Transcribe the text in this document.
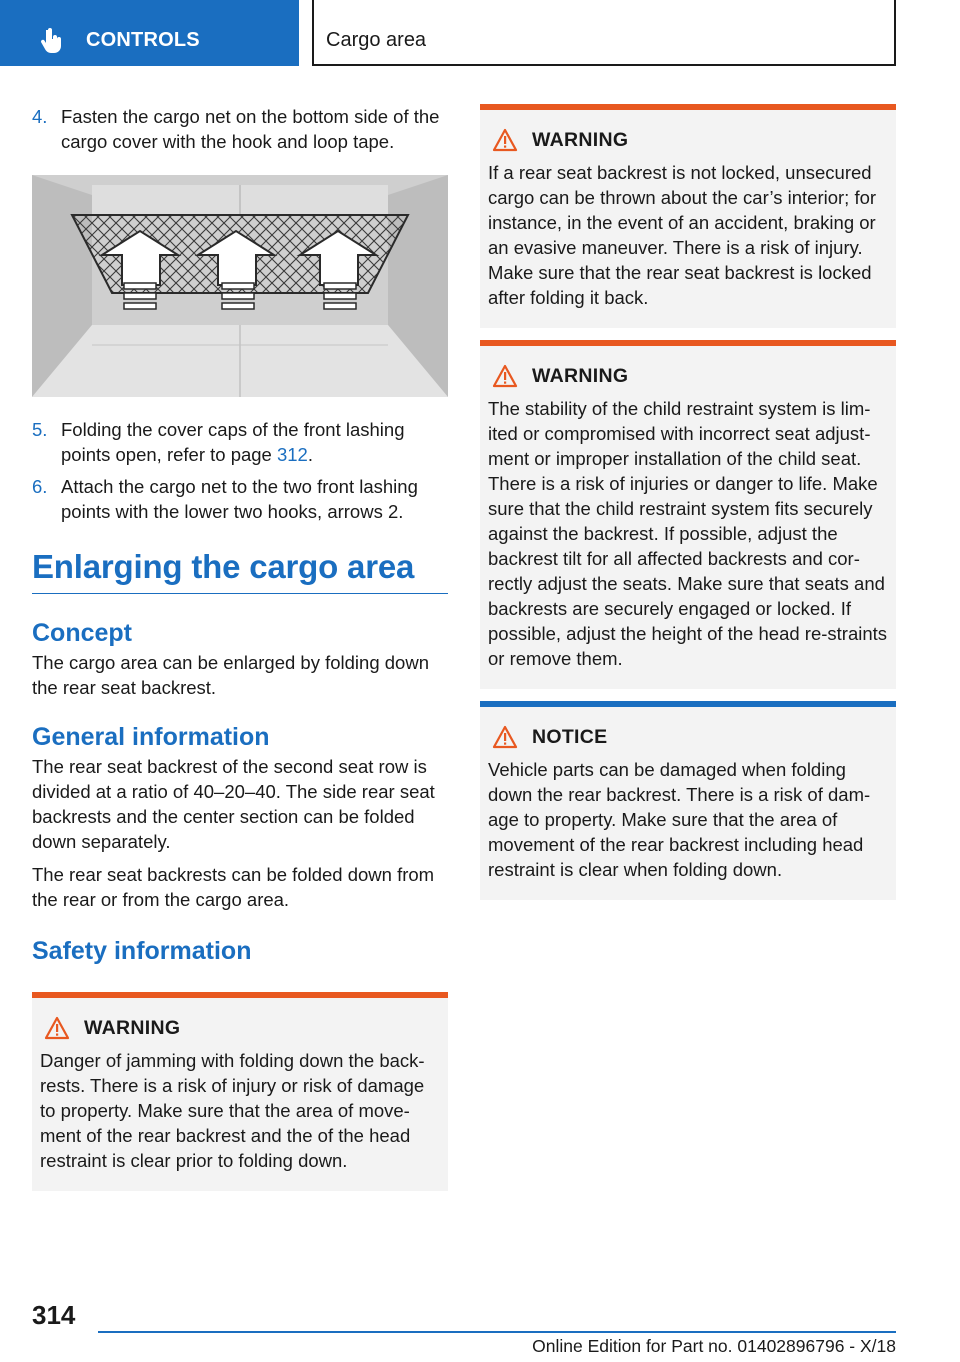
CONTROLS	Cargo area
4. Fasten the cargo net on the bottom side of the cargo cover with the hook and loop tape.
5. Folding the cover caps of the front lashing points open, refer to page 312.
6. Attach the cargo net to the two front lashing points with the lower two hooks, arrows 2.
Enlarging the cargo area
Concept
The cargo area can be enlarged by folding down the rear seat backrest.
General information
The rear seat backrest of the second seat row is divided at a ratio of 40–20–40. The side rear seat backrests and the center section can be folded down separately.
The rear seat backrests can be folded down from the rear or from the cargo area.
Safety information
WARNING
Danger of jamming with folding down the back-rests. There is a risk of injury or risk of damage to property. Make sure that the area of move-ment of the rear backrest and the of the head restraint is clear prior to folding down.
WARNING
If a rear seat backrest is not locked, unsecured cargo can be thrown about the car’s interior; for instance, in the event of an accident, braking or an evasive maneuver. There is a risk of injury. Make sure that the rear seat backrest is locked after folding it back.
WARNING
The stability of the child restraint system is lim-ited or compromised with incorrect seat adjust-ment or improper installation of the child seat. There is a risk of injuries or danger to life. Make sure that the child restraint system fits securely against the backrest. If possible, adjust the backrest tilt for all affected backrests and cor-rectly adjust the seats. Make sure that seats and backrests are securely engaged or locked. If possible, adjust the height of the head re-straints or remove them.
NOTICE
Vehicle parts can be damaged when folding down the rear backrest. There is a risk of dam-age to property. Make sure that the area of movement of the rear backrest including head restraint is clear when folding down.
314
Online Edition for Part no. 01402896796 - X/18
